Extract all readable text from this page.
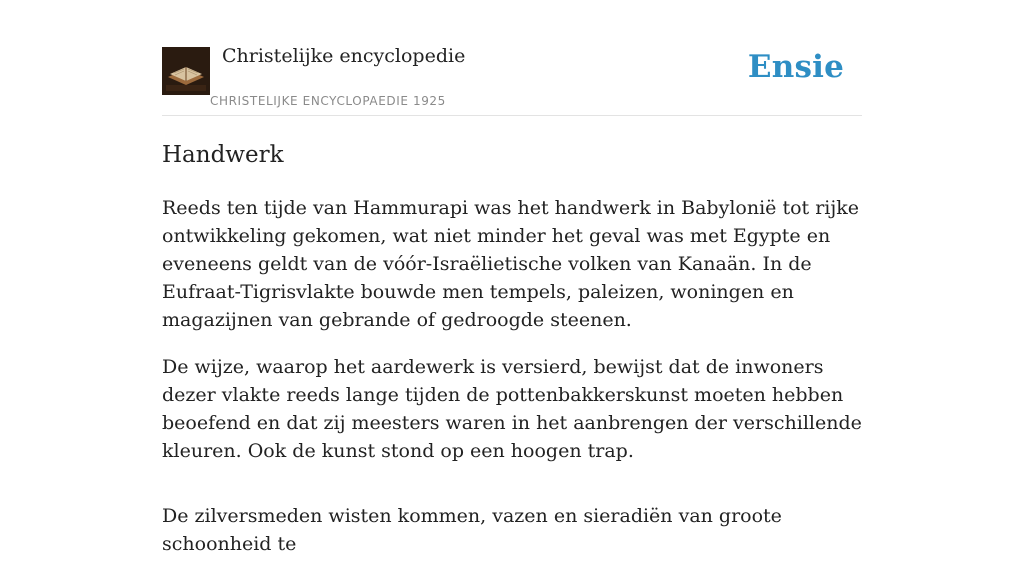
Christelijke encyclopedie
CHRISTELIJKE ENCYCLOPAEDIE 1925
Ensie
Handwerk

Reeds ten tijde van Hammurapi was het handwerk in Babylonië tot rijke ontwikkeling gekomen, wat niet minder het geval was met Egypte en eveneens geldt van de vóór-Israëlietische volken van Kanaän. In de Eufraat-Tigrisvlakte bouwde men tempels, paleizen, woningen en magazijnen van gebrande of gedroogde steenen.

De wijze, waarop het aardewerk is versierd, bewijst dat de inwoners dezer vlakte reeds lange tijden de pottenbakkerskunst moeten hebben beoefend en dat zij meesters waren in het aanbrengen der verschillende kleuren. Ook de kunst stond op een hoogen trap.

De zilversmeden wisten kommen, vazen en sieradiën van groote schoonheid te
